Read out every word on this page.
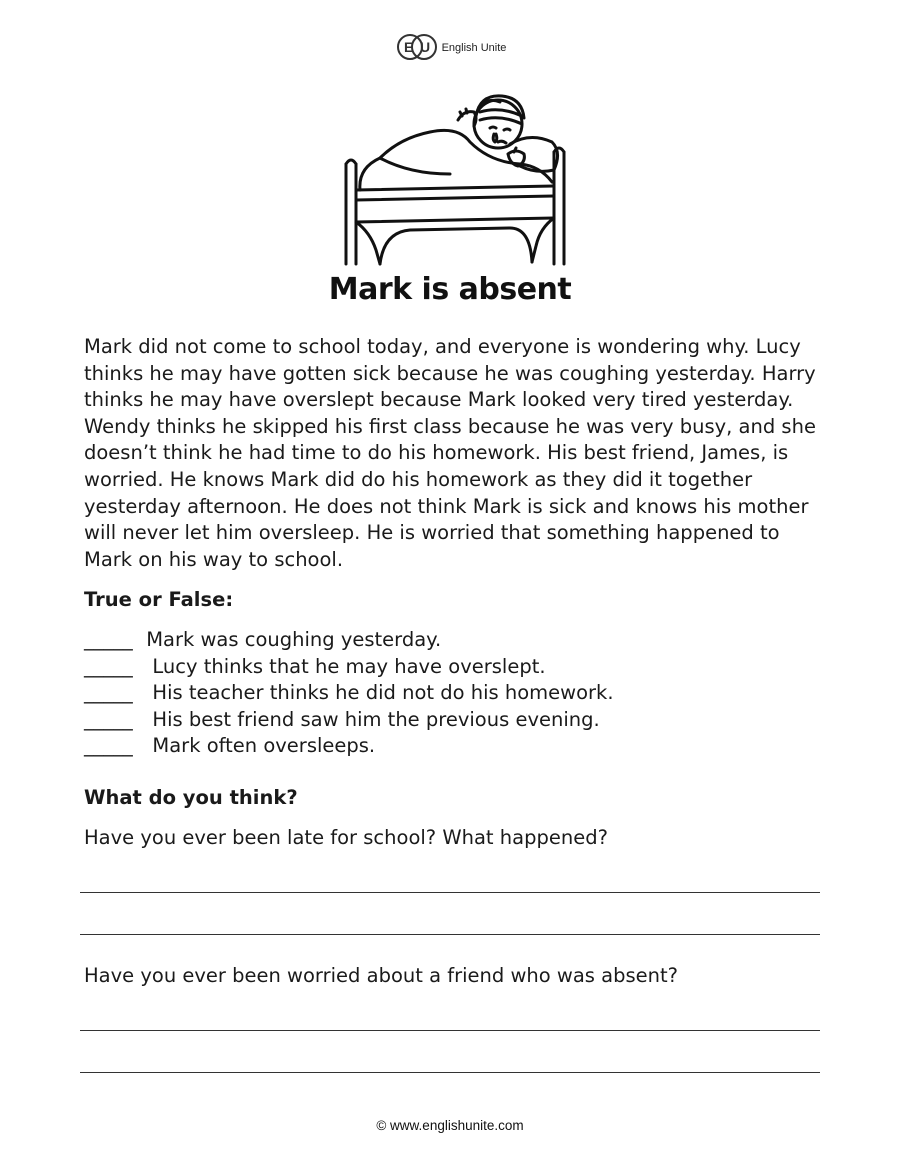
E U English Unite
Mark is absent

Mark did not come to school today, and everyone is wondering why. Lucy thinks he may have gotten sick because he was coughing yesterday. Harry thinks he may have overslept because Mark looked very tired yesterday. Wendy thinks he skipped his first class because he was very busy, and she doesn’t think he had time to do his homework. His best friend, James, is worried. He knows Mark did do his homework as they did it together yesterday afternoon. He does not think Mark is sick and knows his mother will never let him oversleep. He is worried that something happened to Mark on his way to school.

True or False:
_____ Mark was coughing yesterday.
_____ Lucy thinks that he may have overslept.
_____ His teacher thinks he did not do his homework.
_____ His best friend saw him the previous evening.
_____ Mark often oversleeps.
What do you think?

Have you ever been late for school? What happened?

Have you ever been worried about a friend who was absent?

© www.englishunite.com
